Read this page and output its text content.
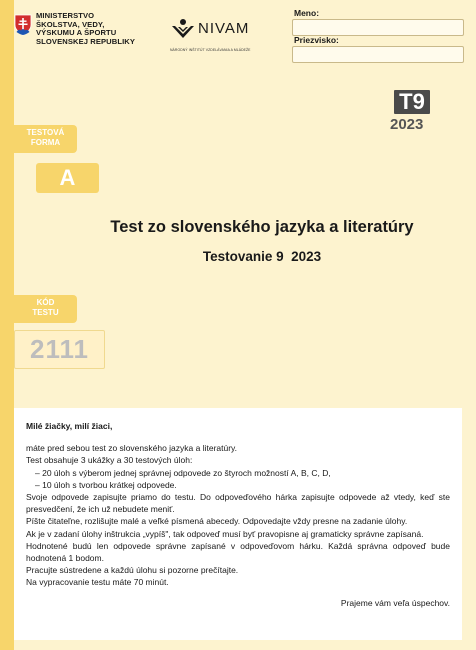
MINISTERSTVO
ŠKOLSTVA, VEDY,
VÝSKUMU A ŠPORTU
SLOVENSKEJ REPUBLIKY
NIVAM
NÁRODNÝ INŠTITÚT VZDELÁVANIA A MLÁDEŽE
Meno:
Priezvisko:
T9
2023
TESTOVÁ
FORMA
A
KÓD
TESTU
2111
Test zo slovenského jazyka a literatúry
Testovanie 9  2023

Milé žiačky, milí žiaci,

máte pred sebou test zo slovenského jazyka a literatúry.

Test obsahuje 3 ukážky a 30 testových úloh:

– 20 úloh s výberom jednej správnej odpovede zo štyroch možností A, B, C, D,

– 10 úloh s tvorbou krátkej odpovede.

Svoje odpovede zapisujte priamo do testu. Do odpoveďového hárka zapisujte odpovede až vtedy, keď ste presvedčení, že ich už nebudete meniť.

Píšte čitateľne, rozlišujte malé a veľké písmená abecedy. Odpovedajte vždy presne na zadanie úlohy.

Ak je v zadaní úlohy inštrukcia „vypíš", tak odpoveď musí byť pravopisne aj gramaticky správne zapísaná.

Hodnotené budú len odpovede správne zapísané v odpoveďovom hárku. Každá správna odpoveď bude hodnotená 1 bodom.

Pracujte sústredene a každú úlohu si pozorne prečítajte.

Na vypracovanie testu máte 70 minút.

Prajeme vám veľa úspechov.
